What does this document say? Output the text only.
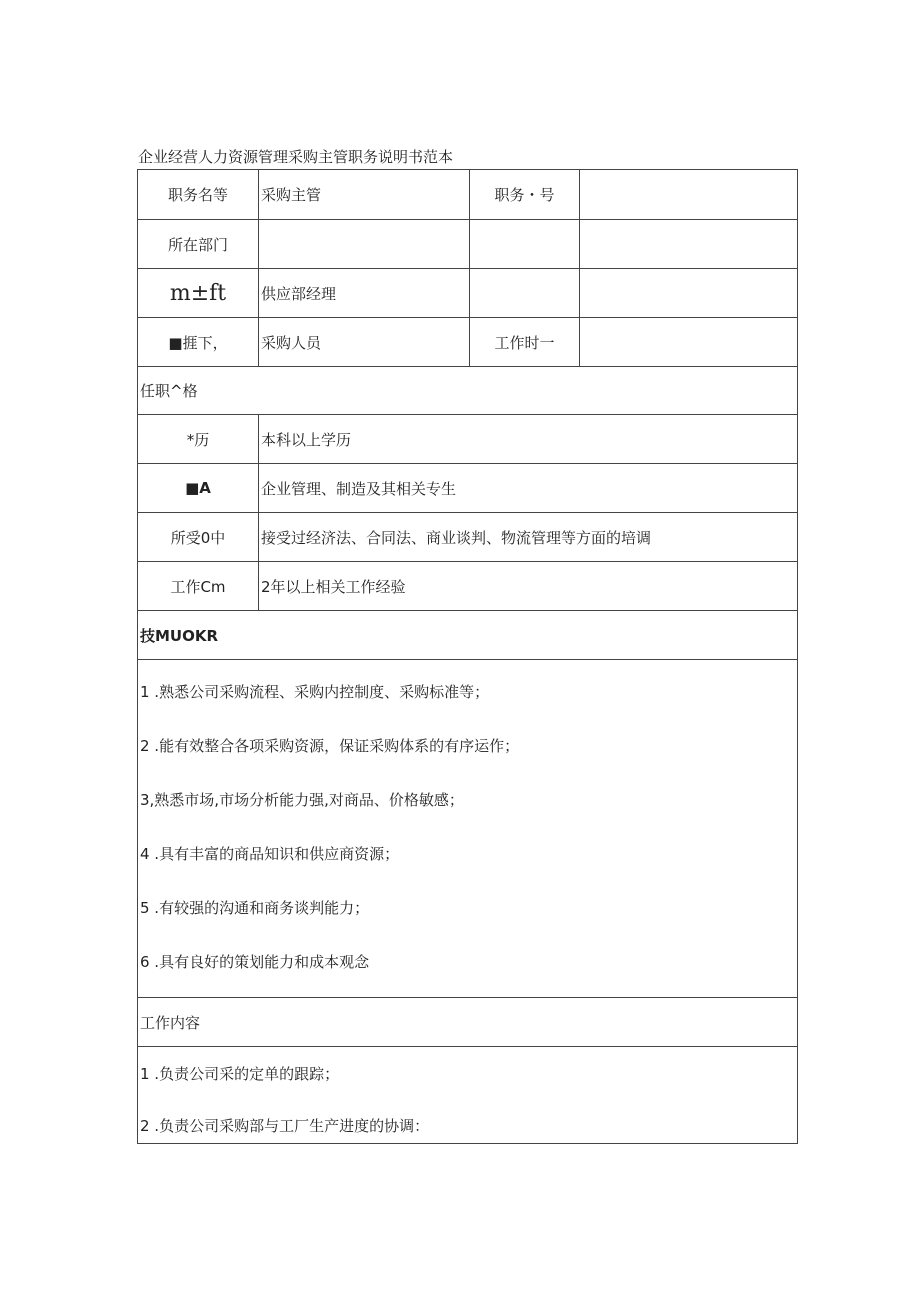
企业经营人力资源管理采购主管职务说明书范本
职务名等	采购主管	职务・号
所在部门
m±ft	供应部经理
■捱下，	采购人员	工作时一
任职^格
*历	本科以上学历
■A	企业管理、制造及其相关专生
所受0中 接受过经济法、合同法、商业谈判、物流管理等方面的培调
工作Cm	2年以上相关工作经验
技MUOKR
1 .熟悉公司采购流程、采购内控制度、采购标准等；
2 .能有效整合各项采购资源，保证采购体系的有序运作；
3,熟悉市场,市场分析能力强,对商品、价格敏感；
4 .具有丰富的商品知识和供应商资源；
5 .有较强的沟通和商务谈判能力；
6 .具有良好的策划能力和成本观念
工作内容
1 .负责公司采的定单的跟踪；
2 .负责公司采购部与工厂生产进度的协调：
